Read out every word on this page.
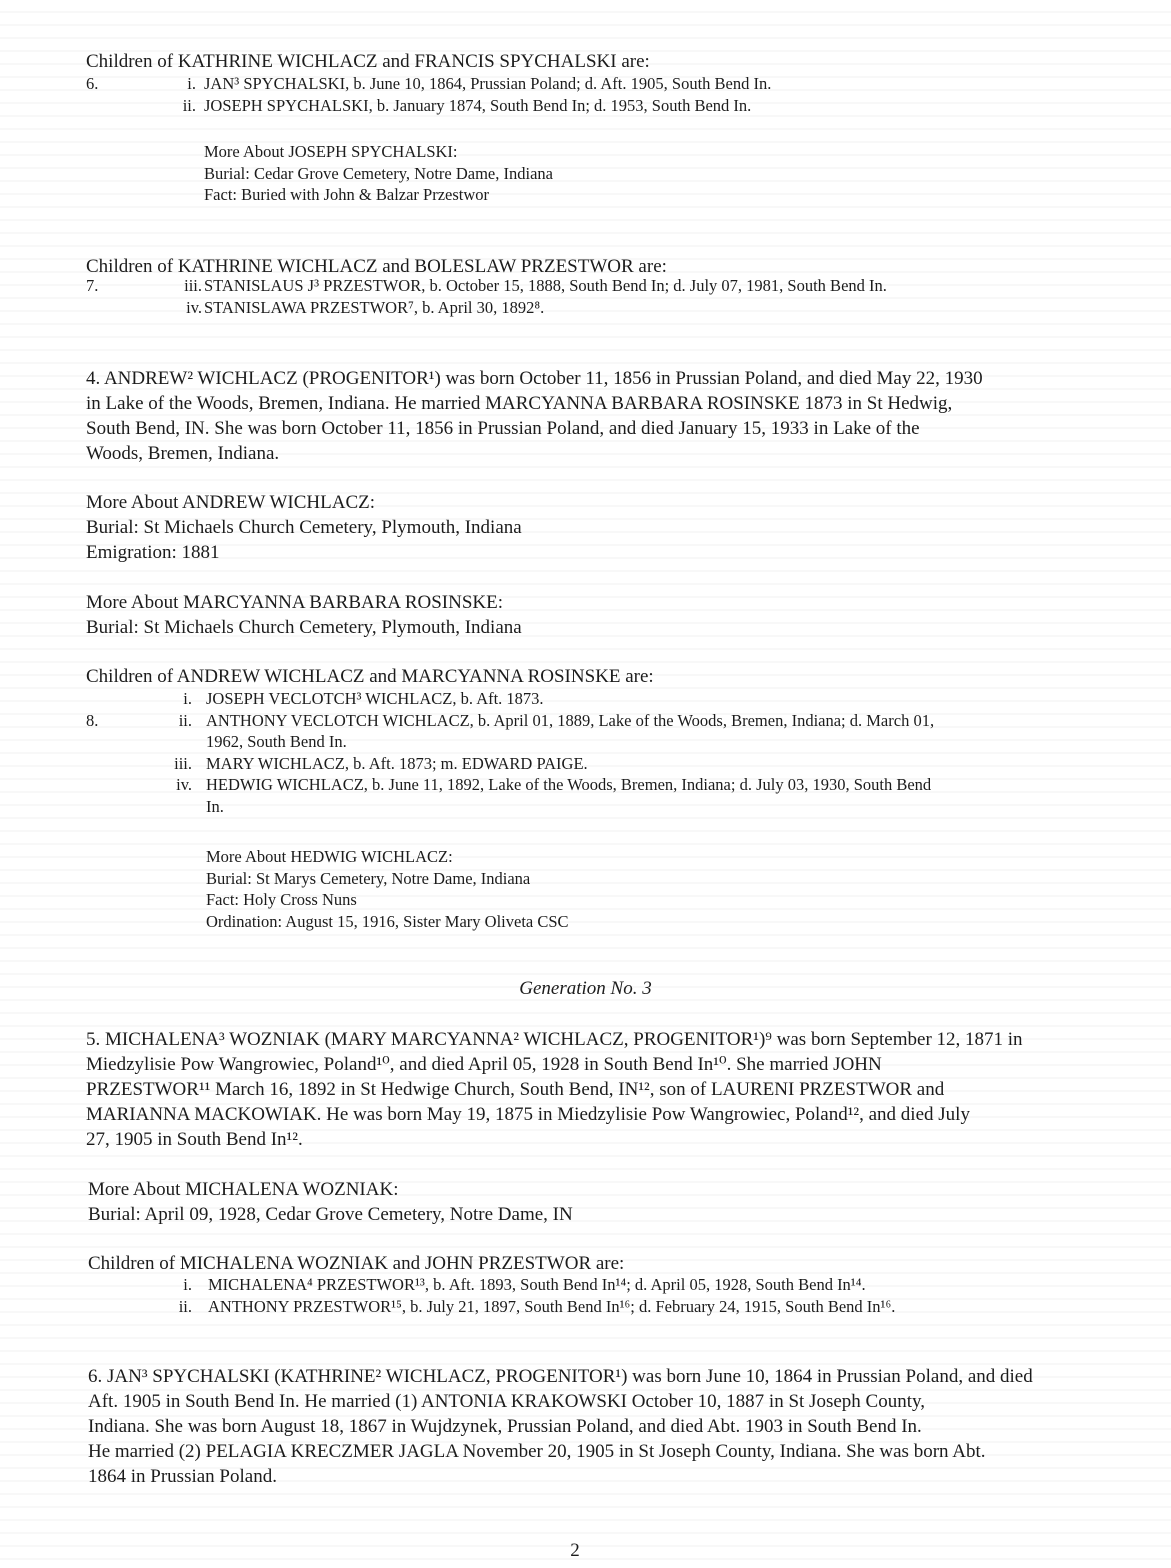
Children of KATHRINE WICHLACZ and FRANCIS SPYCHALSKI are:
6.	i. JAN³ SPYCHALSKI, b. June 10, 1864, Prussian Poland; d. Aft. 1905, South Bend In.
ii. JOSEPH SPYCHALSKI, b. January 1874, South Bend In; d. 1953, South Bend In.
More About JOSEPH SPYCHALSKI:
Burial: Cedar Grove Cemetery, Notre Dame, Indiana
Fact: Buried with John & Balzar Przestwor
Children of KATHRINE WICHLACZ and BOLESLAW PRZESTWOR are:
7.	iii. STANISLAUS J³ PRZESTWOR, b. October 15, 1888, South Bend In; d. July 07, 1981, South Bend In.
iv. STANISLAWA PRZESTWOR⁷, b. April 30, 1892⁸.
4. ANDREW² WICHLACZ (PROGENITOR¹) was born October 11, 1856 in Prussian Poland, and died May 22, 1930
in Lake of the Woods, Bremen, Indiana. He married MARCYANNA BARBARA ROSINSKE 1873 in St Hedwig,
South Bend, IN. She was born October 11, 1856 in Prussian Poland, and died January 15, 1933 in Lake of the
Woods, Bremen, Indiana.
More About ANDREW WICHLACZ:
Burial: St Michaels Church Cemetery, Plymouth, Indiana
Emigration: 1881
More About MARCYANNA BARBARA ROSINSKE:
Burial: St Michaels Church Cemetery, Plymouth, Indiana
Children of ANDREW WICHLACZ and MARCYANNA ROSINSKE are:
i. JOSEPH VECLOTCH³ WICHLACZ, b. Aft. 1873.
8.	ii. ANTHONY VECLOTCH WICHLACZ, b. April 01, 1889, Lake of the Woods, Bremen, Indiana; d. March 01,
1962, South Bend In.
iii. MARY WICHLACZ, b. Aft. 1873; m. EDWARD PAIGE.
iv. HEDWIG WICHLACZ, b. June 11, 1892, Lake of the Woods, Bremen, Indiana; d. July 03, 1930, South Bend
In.
More About HEDWIG WICHLACZ:
Burial: St Marys Cemetery, Notre Dame, Indiana
Fact: Holy Cross Nuns
Ordination: August 15, 1916, Sister Mary Oliveta CSC
Generation No. 3
5. MICHALENA³ WOZNIAK (MARY MARCYANNA² WICHLACZ, PROGENITOR¹)⁹ was born September 12, 1871 in
Miedzylisie Pow Wangrowiec, Poland¹⁰, and died April 05, 1928 in South Bend In¹⁰. She married JOHN
PRZESTWOR¹¹ March 16, 1892 in St Hedwige Church, South Bend, IN¹², son of LAURENI PRZESTWOR and
MARIANNA MACKOWIAK. He was born May 19, 1875 in Miedzylisie Pow Wangrowiec, Poland¹², and died July
27, 1905 in South Bend In¹².
More About MICHALENA WOZNIAK:
Burial: April 09, 1928, Cedar Grove Cemetery, Notre Dame, IN
Children of MICHALENA WOZNIAK and JOHN PRZESTWOR are:
i. MICHALENA⁴ PRZESTWOR¹³, b. Aft. 1893, South Bend In¹⁴; d. April 05, 1928, South Bend In¹⁴.
ii. ANTHONY PRZESTWOR¹⁵, b. July 21, 1897, South Bend In¹⁶; d. February 24, 1915, South Bend In¹⁶.
6. JAN³ SPYCHALSKI (KATHRINE² WICHLACZ, PROGENITOR¹) was born June 10, 1864 in Prussian Poland, and died
Aft. 1905 in South Bend In. He married (1) ANTONIA KRAKOWSKI October 10, 1887 in St Joseph County,
Indiana. She was born August 18, 1867 in Wujdzynek, Prussian Poland, and died Abt. 1903 in South Bend In.
He married (2) PELAGIA KRECZMER JAGLA November 20, 1905 in St Joseph County, Indiana. She was born Abt.
1864 in Prussian Poland.
2
